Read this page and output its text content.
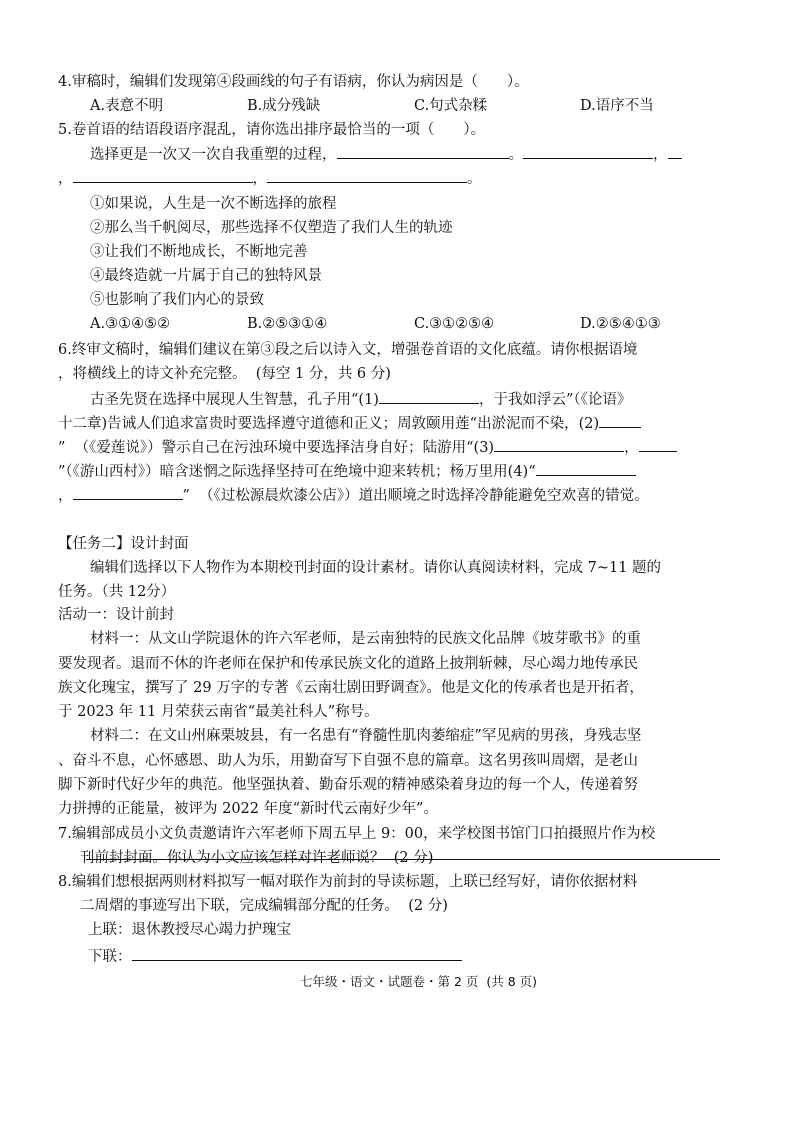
4.审稿时，编辑们发现第④段画线的句子有语病，你认为病因是（　　）。
A.表意不明	B.成分残缺	C.句式杂糅	D.语序不当
5.卷首语的结语段语序混乱，请你选出排序最恰当的一项（　　）。
选择更是一次又一次自我重塑的过程，	。	，
，	，	。
①如果说，人生是一次不断选择的旅程
②那么当千帆阅尽，那些选择不仅塑造了我们人生的轨迹
③让我们不断地成长，不断地完善
④最终造就一片属于自己的独特风景
⑤也影响了我们内心的景致
A.③①④⑤②	B.②⑤③①④	C.③①②⑤④	D.②⑤④①③
6.终审文稿时，编辑们建议在第③段之后以诗入文，增强卷首语的文化底蕴。请你根据语境
，将横线上的诗文补充完整。  (每空 1 分，共 6 分)
古圣先贤在选择中展现人生智慧，孔子用“(1)	，于我如浮云”（《论语》
十二章)告诫人们追求富贵时要选择遵守道德和正义；周敦颐用莲“出淤泥而不染，(2)
”  （《爱莲说》）警示自己在污浊环境中要选择洁身自好；陆游用“(3)	，
”（《游山西村》）暗含迷惘之际选择坚持可在绝境中迎来转机；杨万里用(4)“
，	”  （《过松源晨炊漆公店》）道出顺境之时选择冷静能避免空欢喜的错觉。
【任务二】设计封面
编辑们选择以下人物作为本期校刊封面的设计素材。请你认真阅读材料，完成 7~11 题的
任务。（共 12分）
活动一：设计前封
材料一：从文山学院退休的许六军老师，是云南独特的民族文化品牌《坡芽歌书》的重
要发现者。退而不休的许老师在保护和传承民族文化的道路上披荆斩棘，尽心竭力地传承民
族文化瑰宝，撰写了 29 万字的专著《云南壮剧田野调查》。他是文化的传承者也是开拓者，
于 2023 年 11 月荣获云南省“最美社科人”称号。
材料二：在文山州麻栗坡县，有一名患有“脊髓性肌肉萎缩症”罕见病的男孩，身残志坚
、奋斗不息，心怀感恩、助人为乐，用勤奋写下自强不息的篇章。这名男孩叫周熠，是老山
脚下新时代好少年的典范。他坚强执着、勤奋乐观的精神感染着身边的每一个人，传递着努
力拼搏的正能量，被评为 2022 年度“新时代云南好少年”。
7.编辑部成员小文负责邀请许六军老师下周五早上 9：00，来学校图书馆门口拍摄照片作为校
刊前封封面。你认为小文应该怎样对许老师说？  (2 分)
8.编辑们想根据两则材料拟写一幅对联作为前封的导读标题，上联已经写好，请你依据材料
二周熠的事迹写出下联，完成编辑部分配的任务。  (2 分)
上联：退休教授尽心竭力护瑰宝
下联：
七年级・语文・试题卷・第 2 页  (共 8 页)
